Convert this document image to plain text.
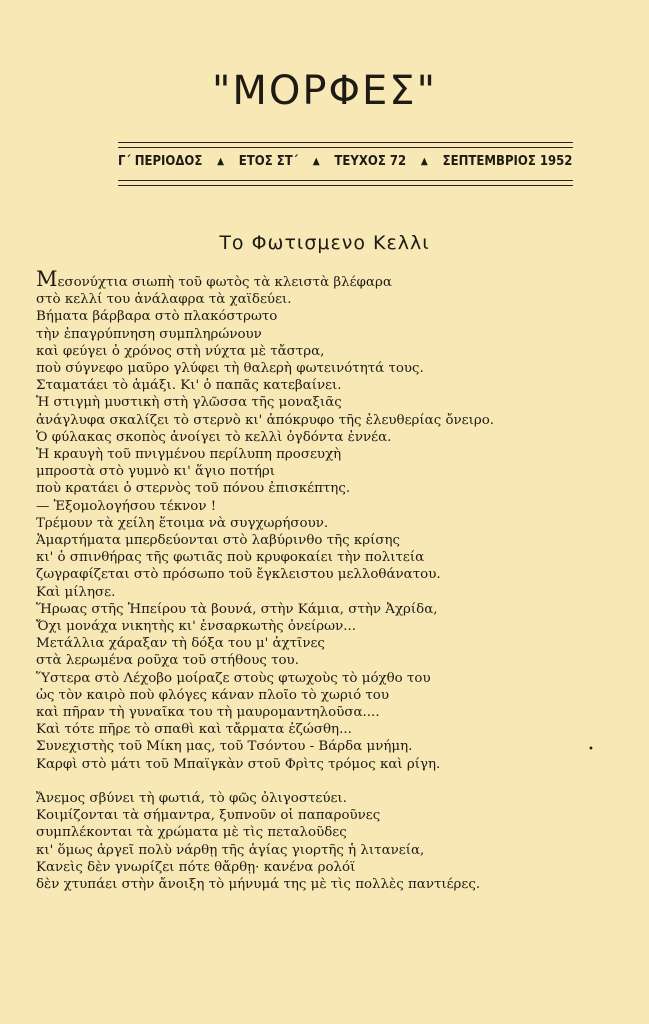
"ΜΟΡΦΕΣ"
Γ΄ ΠΕΡΙΟΔΟΣ ▲ ΕΤΟΣ ΣΤ΄ ▲ ΤΕΥΧΟΣ 72 ▲ ΣΕΠΤΕΜΒΡΙΟΣ 1952
Το Φωτισμενο Κελλι
Μεσονύχτια σιωπὴ τοῦ φωτὸς τὰ κλειστὰ βλέφαρα
στὸ κελλί του ἀνάλαφρα τὰ χαϊδεύει.
Βήματα βάρβαρα στὸ πλακόστρωτο
τὴν ἐπαγρύπνηση συμπληρώνουν
καὶ φεύγει ὁ χρόνος στὴ νύχτα μὲ τἄστρα,
ποὺ σύγνεφο μαῦρο γλύφει τὴ θαλερὴ φωτεινότητά τους.
Σταματάει τὸ ἁμάξι. Κι' ὁ παπᾶς κατεβαίνει.
Ἡ στιγμὴ μυστικὴ στὴ γλῶσσα τῆς μοναξιᾶς
ἀνάγλυφα σκαλίζει τὸ στερνὸ κι' ἀπόκρυφο τῆς ἐλευθερίας ὄνειρο.
Ὁ φύλακας σκοπὸς ἀνοίγει τὸ κελλὶ ὀγδόντα ἐννέα.
Ἡ κραυγὴ τοῦ πνιγμένου περίλυπη προσευχὴ
μπροστὰ στὸ γυμνὸ κι' ἅγιο ποτήρι
ποὺ κρατάει ὁ στερνὸς τοῦ πόνου ἐπισκέπτης.
— Ἐξομολογήσου τέκνον !
Τρέμουν τὰ χείλη ἕτοιμα νὰ συγχωρήσουν.
Ἁμαρτήματα μπερδεύονται στὸ λαβύρινθο τῆς κρίσης
κι' ὁ σπινθήρας τῆς φωτιᾶς ποὺ κρυφοκαίει τὴν πολιτεία
ζωγραφίζεται στὸ πρόσωπο τοῦ ἔγκλειστου μελλοθάνατου.
Καὶ μίλησε.
Ἥρωας στῆς Ἠπείρου τὰ βουνά, στὴν Κάμια, στὴν Ἀχρίδα,
Ὄχι μονάχα νικητὴς κι' ἐνσαρκωτὴς ὀνείρων...
Μετάλλια χάραξαν τὴ δόξα του μ' ἀχτῖνες
στὰ λερωμένα ροῦχα τοῦ στήθους του.
Ὕστερα στὸ Λέχοβο μοίραζε στοὺς φτωχοὺς τὸ μόχθο του
ὡς τὸν καιρὸ ποὺ φλόγες κάναν πλοῖο τὸ χωριό του
καὶ πῆραν τὴ γυναῖκα του τὴ μαυρομαντηλοῦσα....
Καὶ τότε πῆρε τὸ σπαθὶ καὶ τἄρματα ἐζώσθη...
Συνεχιστὴς τοῦ Μίκη μας, τοῦ Τσόντου - Βάρδα μνήμη.
Καρφὶ στὸ μάτι τοῦ Μπαϊγκὰν στοῦ Φρὶτς τρόμος καὶ ρίγη.
Ἄνεμος σβύνει τὴ φωτιά, τὸ φῶς ὀλιγοστεύει.
Κοιμίζονται τὰ σήμαντρα, ξυπνοῦν οἱ παπαροῦνες
συμπλέκονται τὰ χρώματα μὲ τὶς πεταλοῦδες
κι' ὅμως ἀργεῖ πολὺ νάρθῃ τῆς ἁγίας γιορτῆς ἡ λιτανεία,
Κανεὶς δὲν γνωρίζει πότε θἄρθῃ· κανένα ρολόϊ
δὲν χτυπάει στὴν ἄνοιξη τὸ μήνυμά της μὲ τὶς πολλὲς παντιέρες.
•
